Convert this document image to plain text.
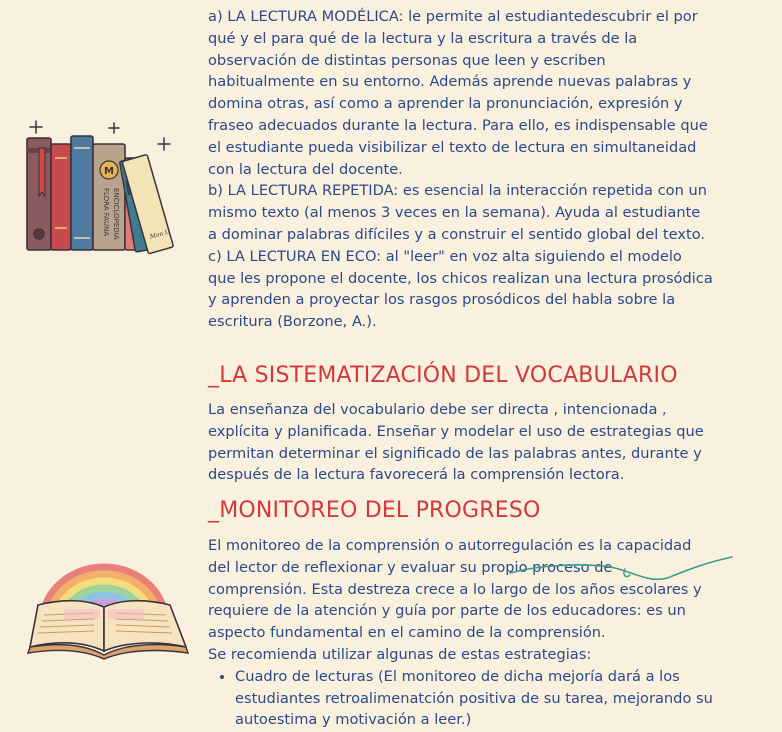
a) LA LECTURA MODÉLICA: le permite al estudiantedescubrir el por qué y el para qué de la lectura y la escritura a través de la observación de distintas personas que leen y escriben habitualmente en su entorno. Además aprende nuevas palabras y domina otras, así como a aprender la pronunciación, expresión y fraseo adecuados durante la lectura. Para ello, es indispensable que el estudiante pueda visibilizar el texto de lectura en simultaneidad con la lectura del docente.

b) LA LECTURA REPETIDA: es esencial la interacción repetida con un mismo texto (al menos 3 veces en la semana). Ayuda al estudiante a dominar palabras difíciles y a construir el sentido global del texto.

c) LA LECTURA EN ECO: al "leer" en voz alta siguiendo el modelo que les propone el docente, los chicos realizan una lectura prosódica y aprenden a proyectar los rasgos prosódicos del habla sobre la escritura (Borzone, A.).

_LA SISTEMATIZACIÓN DEL VOCABULARIO

La enseñanza del vocabulario debe ser directa , intencionada , explícita y planificada. Enseñar y modelar el uso de estrategias que permitan determinar el significado de las palabras antes, durante y después de la lectura favorecerá la comprensión lectora.

_MONITOREO DEL PROGRESO

El monitoreo de la comprensión o autorregulación es la capacidad del lector de reflexionar y evaluar su propio proceso de comprensión. Esta destreza crece a lo largo de los años escolares y requiere de la atención y guía por parte de los educadores: es un aspecto fundamental en el camino de la comprensión.

Se recomienda utilizar algunas de estas estrategias:

• Cuadro de lecturas (El monitoreo de dicha mejoría dará a los estudiantes retroalimenatción positiva de su tarea, mejorando su autoestima y motivación a leer.)
M
FLORA FAUNA ENCICLOPEDIA	Man L
